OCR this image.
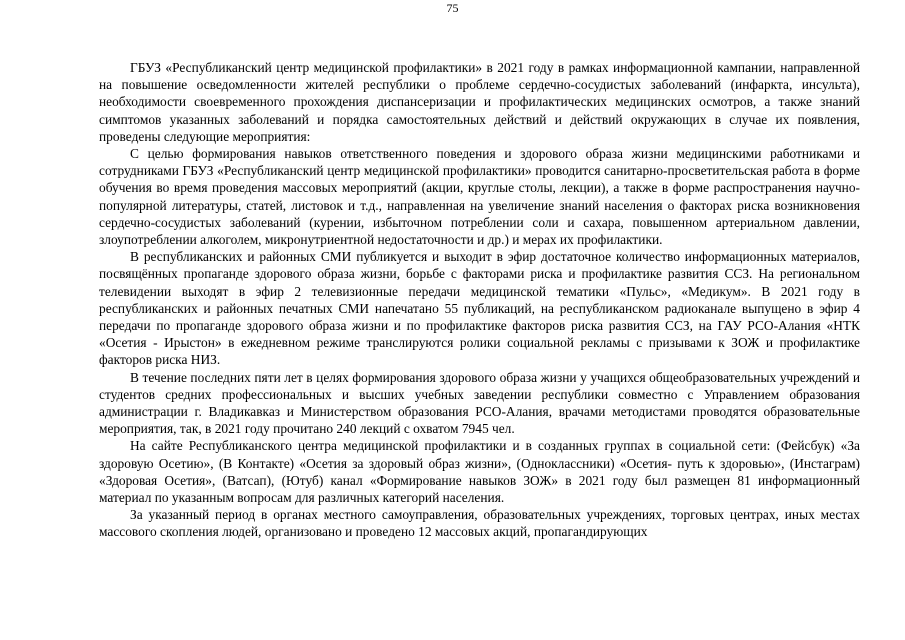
75

ГБУЗ «Республиканский центр медицинской профилактики» в 2021 году в рамках информационной кампании, направленной на повышение осведомленности жителей республики о проблеме сердечно-сосудистых заболеваний (инфаркта, инсульта), необходимости своевременного прохождения диспансеризации и профилактических медицинских осмотров, а также знаний симптомов указанных заболеваний и порядка самостоятельных действий и действий окружающих в случае их появления, проведены следующие мероприятия:

С целью формирования навыков ответственного поведения и здорового образа жизни медицинскими работниками и сотрудниками ГБУЗ «Республиканский центр медицинской профилактики» проводится санитарно-просветительская работа в форме обучения во время проведения массовых мероприятий (акции, круглые столы, лекции), а также в форме распространения научно-популярной литературы, статей, листовок и т.д., направленная на увеличение знаний населения о факторах риска возникновения сердечно-сосудистых заболеваний (курении, избыточном потреблении соли и сахара, повышенном артериальном давлении, злоупотреблении алкоголем, микронутриентной недостаточности и др.) и мерах их профилактики.

В республиканских и районных СМИ публикуется и выходит в эфир достаточное количество информационных материалов, посвящённых пропаганде здорового образа жизни, борьбе с факторами риска и профилактике развития ССЗ. На региональном телевидении выходят в эфир 2 телевизионные передачи медицинской тематики «Пульс», «Медикум». В 2021 году в республиканских и районных печатных СМИ напечатано 55 публикаций, на республиканском радиоканале выпущено в эфир 4 передачи по пропаганде здорового образа жизни и по профилактике факторов риска развития ССЗ, на ГАУ РСО-Алания «НТК «Осетия - Ирыстон» в ежедневном режиме транслируются ролики социальной рекламы с призывами к ЗОЖ и профилактике факторов риска НИЗ.

В течение последних пяти лет в целях формирования здорового образа жизни у учащихся общеобразовательных учреждений и студентов средних профессиональных и высших учебных заведении республики совместно с Управлением образования администрации г. Владикавказ и Министерством образования РСО-Алания, врачами методистами проводятся образовательные мероприятия, так, в 2021 году прочитано 240 лекций с охватом 7945 чел.

На сайте Республиканского центра медицинской профилактики и в созданных группах в социальной сети: (Фейсбук) «За здоровую Осетию», (В Контакте) «Осетия за здоровый образ жизни», (Одноклассники) «Осетия- путь к здоровью», (Инстаграм) «Здоровая Осетия», (Ватсап), (Ютуб) канал «Формирование навыков ЗОЖ» в 2021 году был размещен 81 информационный материал по указанным вопросам для различных категорий населения.

За указанный период в органах местного самоуправления, образовательных учреждениях, торговых центрах, иных местах массового скопления людей, организовано и проведено 12 массовых акций, пропагандирующих
